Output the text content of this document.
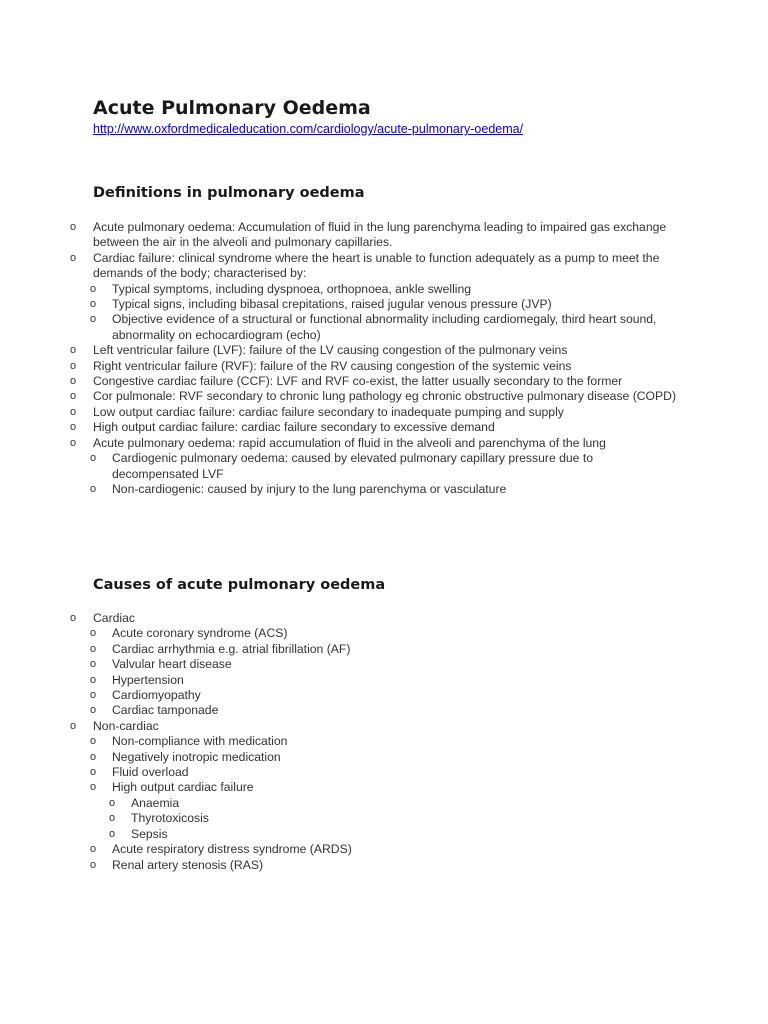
Acute Pulmonary Oedema
http://www.oxfordmedicaleducation.com/cardiology/acute-pulmonary-oedema/
Definitions in pulmonary oedema
o Acute pulmonary oedema: Accumulation of fluid in the lung parenchyma leading to impaired gas exchange between the air in the alveoli and pulmonary capillaries.
o Cardiac failure: clinical syndrome where the heart is unable to function adequately as a pump to meet the demands of the body; characterised by:
o Typical symptoms, including dyspnoea, orthopnoea, ankle swelling
o Typical signs, including bibasal crepitations, raised jugular venous pressure (JVP)
o Objective evidence of a structural or functional abnormality including cardiomegaly, third heart sound, abnormality on echocardiogram (echo)
o Left ventricular failure (LVF): failure of the LV causing congestion of the pulmonary veins
o Right ventricular failure (RVF): failure of the RV causing congestion of the systemic veins
o Congestive cardiac failure (CCF): LVF and RVF co-exist, the latter usually secondary to the former
o Cor pulmonale: RVF secondary to chronic lung pathology eg chronic obstructive pulmonary disease (COPD)
o Low output cardiac failure: cardiac failure secondary to inadequate pumping and supply
o High output cardiac failure: cardiac failure secondary to excessive demand
o Acute pulmonary oedema: rapid accumulation of fluid in the alveoli and parenchyma of the lung
o Cardiogenic pulmonary oedema: caused by elevated pulmonary capillary pressure due to decompensated LVF
o Non-cardiogenic: caused by injury to the lung parenchyma or vasculature
Causes of acute pulmonary oedema
o Cardiac
o Acute coronary syndrome (ACS)
o Cardiac arrhythmia e.g. atrial fibrillation (AF)
o Valvular heart disease
o Hypertension
o Cardiomyopathy
o Cardiac tamponade
o Non-cardiac
o Non-compliance with medication
o Negatively inotropic medication
o Fluid overload
o High output cardiac failure
o Anaemia
o Thyrotoxicosis
o Sepsis
o Acute respiratory distress syndrome (ARDS)
o Renal artery stenosis (RAS)
